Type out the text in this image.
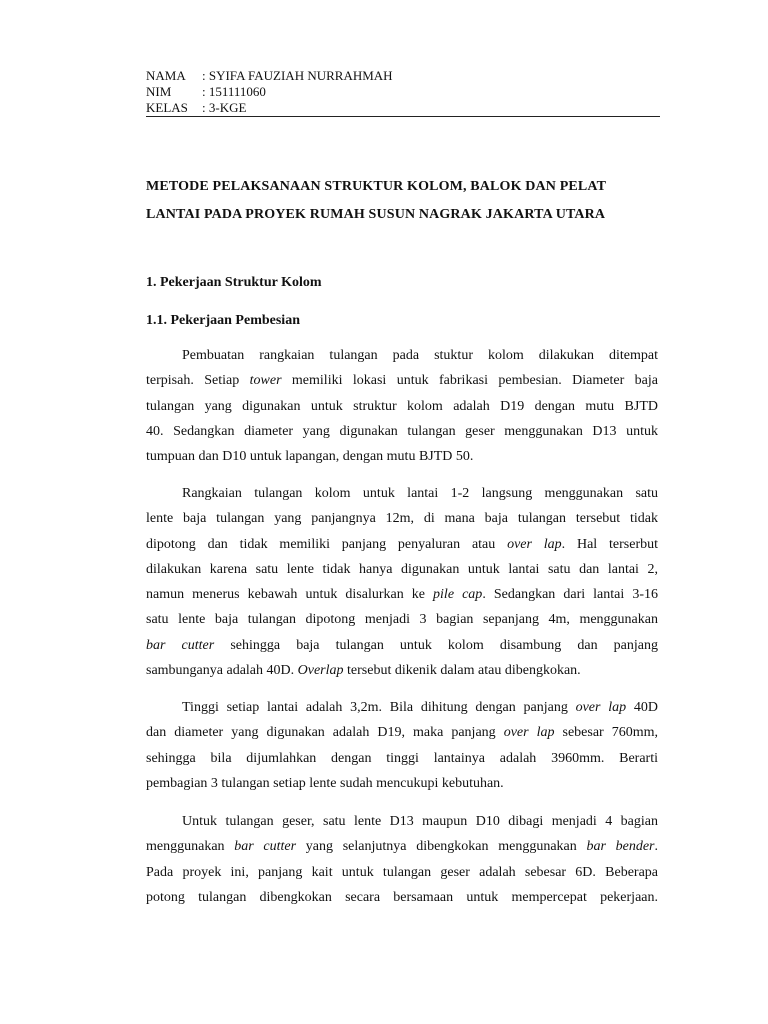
NAMA	: SYIFA FAUZIAH NURRAHMAH
NIM	: 151111060
KELAS	: 3-KGE
METODE PELAKSANAAN STRUKTUR KOLOM, BALOK DAN PELAT
LANTAI PADA PROYEK RUMAH SUSUN NAGRAK JAKARTA UTARA
1. Pekerjaan Struktur Kolom
1.1. Pekerjaan Pembesian
Pembuatan rangkaian tulangan pada stuktur kolom dilakukan ditempat
terpisah. Setiap tower memiliki lokasi untuk fabrikasi pembesian. Diameter baja
tulangan yang digunakan untuk struktur kolom adalah D19 dengan mutu BJTD
40. Sedangkan diameter yang digunakan tulangan geser menggunakan D13 untuk
tumpuan dan D10 untuk lapangan, dengan mutu BJTD 50.
Rangkaian tulangan kolom untuk lantai 1-2 langsung menggunakan satu
lente baja tulangan yang panjangnya 12m, di mana baja tulangan tersebut tidak
dipotong dan tidak memiliki panjang penyaluran atau over lap. Hal terserbut
dilakukan karena satu lente tidak hanya digunakan untuk lantai satu dan lantai 2,
namun menerus kebawah untuk disalurkan ke pile cap. Sedangkan dari lantai 3-16
satu lente baja tulangan dipotong menjadi 3 bagian sepanjang 4m, menggunakan
bar cutter sehingga baja tulangan untuk kolom disambung dan panjang
sambunganya adalah 40D. Overlap tersebut dikenik dalam atau dibengkokan.
Tinggi setiap lantai adalah 3,2m. Bila dihitung dengan panjang over lap 40D
dan diameter yang digunakan adalah D19, maka panjang over lap sebesar 760mm,
sehingga bila dijumlahkan dengan tinggi lantainya adalah 3960mm. Berarti
pembagian 3 tulangan setiap lente sudah mencukupi kebutuhan.
Untuk tulangan geser, satu lente D13 maupun D10 dibagi menjadi 4 bagian
menggunakan bar cutter yang selanjutnya dibengkokan menggunakan bar bender.
Pada proyek ini, panjang kait untuk tulangan geser adalah sebesar 6D. Beberapa
potong tulangan dibengkokan secara bersamaan untuk mempercepat pekerjaan.
